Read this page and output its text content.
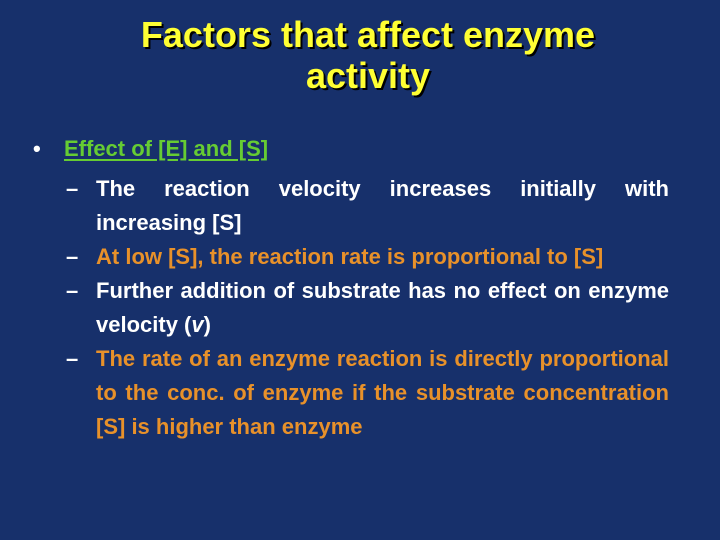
Factors that affect enzyme
activity
• Effect of [E] and [S]
– The reaction velocity increases initially with increasing [S]
– At low [S], the reaction rate is proportional to [S]
– Further addition of substrate has no effect on enzyme velocity (v)
– The rate of an enzyme reaction is directly proportional to the conc. of enzyme if the substrate concentration [S] is higher than enzyme
